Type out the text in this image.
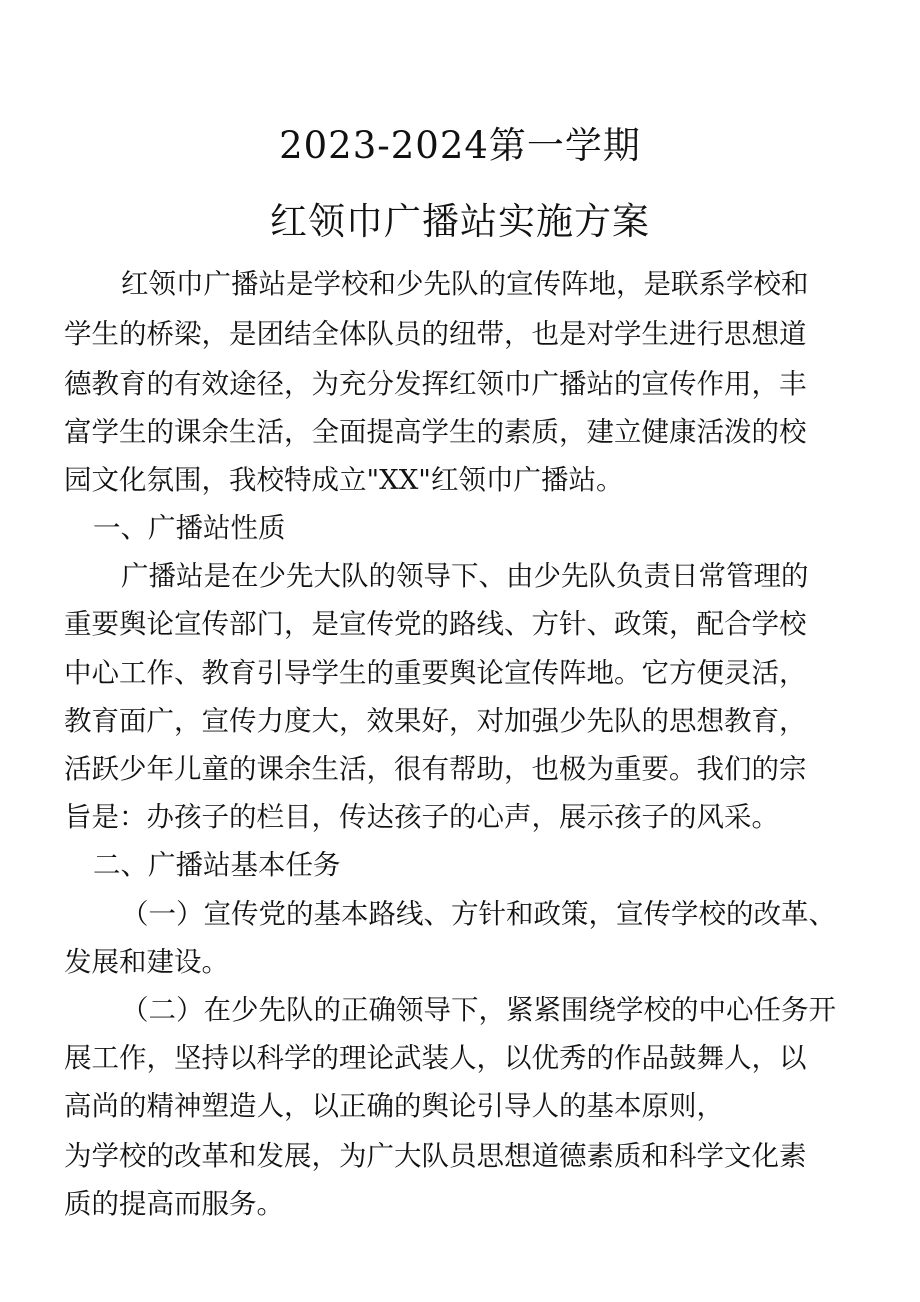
2023-2024第一学期
红领巾广播站实施方案
红领巾广播站是学校和少先队的宣传阵地，是联系学校和
学生的桥梁，是团结全体队员的纽带，也是对学生进行思想道
德教育的有效途径，为充分发挥红领巾广播站的宣传作用，丰
富学生的课余生活，全面提高学生的素质，建立健康活泼的校
园文化氛围，我校特成立"XX"红领巾广播站。
一、广播站性质
广播站是在少先大队的领导下、由少先队负责日常管理的
重要舆论宣传部门，是宣传党的路线、方针、政策，配合学校
中心工作、教育引导学生的重要舆论宣传阵地。它方便灵活，
教育面广，宣传力度大，效果好，对加强少先队的思想教育，
活跃少年儿童的课余生活，很有帮助，也极为重要。我们的宗
旨是：办孩子的栏目，传达孩子的心声，展示孩子的风采。
二、广播站基本任务
（一）宣传党的基本路线、方针和政策，宣传学校的改革、
发展和建设。
（二）在少先队的正确领导下，紧紧围绕学校的中心任务开
展工作，坚持以科学的理论武装人，以优秀的作品鼓舞人，以
高尚的精神塑造人，以正确的舆论引导人的基本原则，
为学校的改革和发展，为广大队员思想道德素质和科学文化素
质的提高而服务。
